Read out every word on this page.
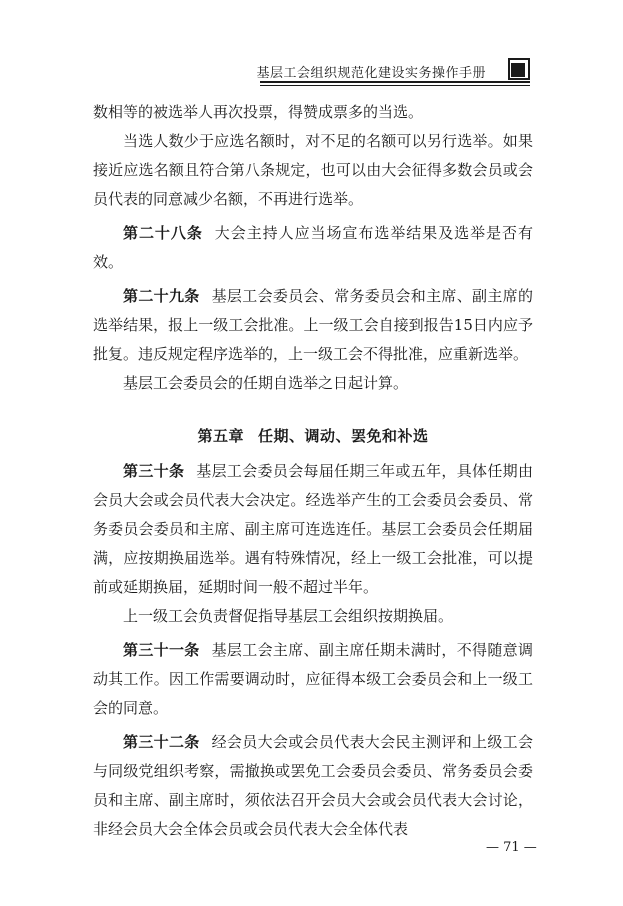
基层工会组织规范化建设实务操作手册

数相等的被选举人再次投票，得赞成票多的当选。

当选人数少于应选名额时，对不足的名额可以另行选举。如果接近应选名额且符合第八条规定，也可以由大会征得多数会员或会员代表的同意减少名额，不再进行选举。

第二十八条 大会主持人应当场宣布选举结果及选举是否有效。

第二十九条 基层工会委员会、常务委员会和主席、副主席的选举结果，报上一级工会批准。上一级工会自接到报告15日内应予批复。违反规定程序选举的，上一级工会不得批准，应重新选举。

基层工会委员会的任期自选举之日起计算。

第五章 任期、调动、罢免和补选

第三十条 基层工会委员会每届任期三年或五年，具体任期由会员大会或会员代表大会决定。经选举产生的工会委员会委员、常务委员会委员和主席、副主席可连选连任。基层工会委员会任期届满，应按期换届选举。遇有特殊情况，经上一级工会批准，可以提前或延期换届，延期时间一般不超过半年。

上一级工会负责督促指导基层工会组织按期换届。

第三十一条 基层工会主席、副主席任期未满时，不得随意调动其工作。因工作需要调动时，应征得本级工会委员会和上一级工会的同意。

第三十二条 经会员大会或会员代表大会民主测评和上级工会与同级党组织考察，需撤换或罢免工会委员会委员、常务委员会委员和主席、副主席时，须依法召开会员大会或会员代表大会讨论，非经会员大会全体会员或会员代表大会全体代表

— 71 —
